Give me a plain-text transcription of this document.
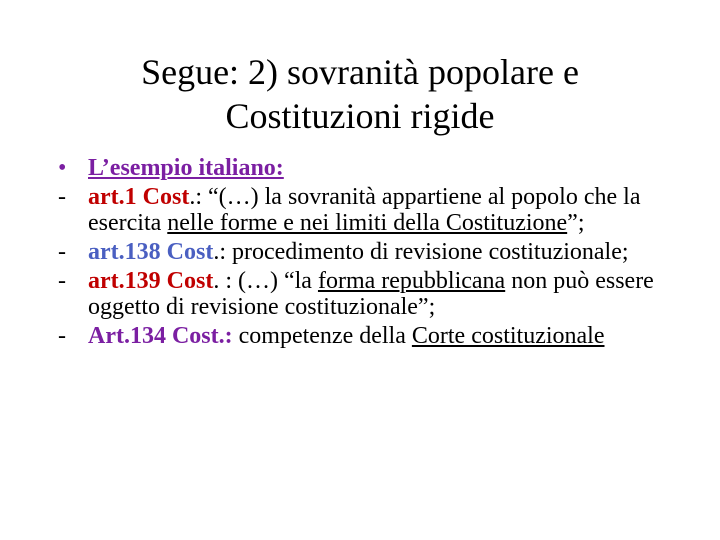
Segue: 2) sovranità popolare e
Costituzioni rigide
• L’esempio italiano:
- art.1 Cost.: “(…) la sovranità appartiene al popolo che la esercita nelle forme e nei limiti della Costituzione”;
- art.138 Cost.: procedimento di revisione costituzionale;
- art.139 Cost. : (…) “la forma repubblicana non può essere oggetto di revisione costituzionale”;
- Art.134 Cost.: competenze della Corte costituzionale
